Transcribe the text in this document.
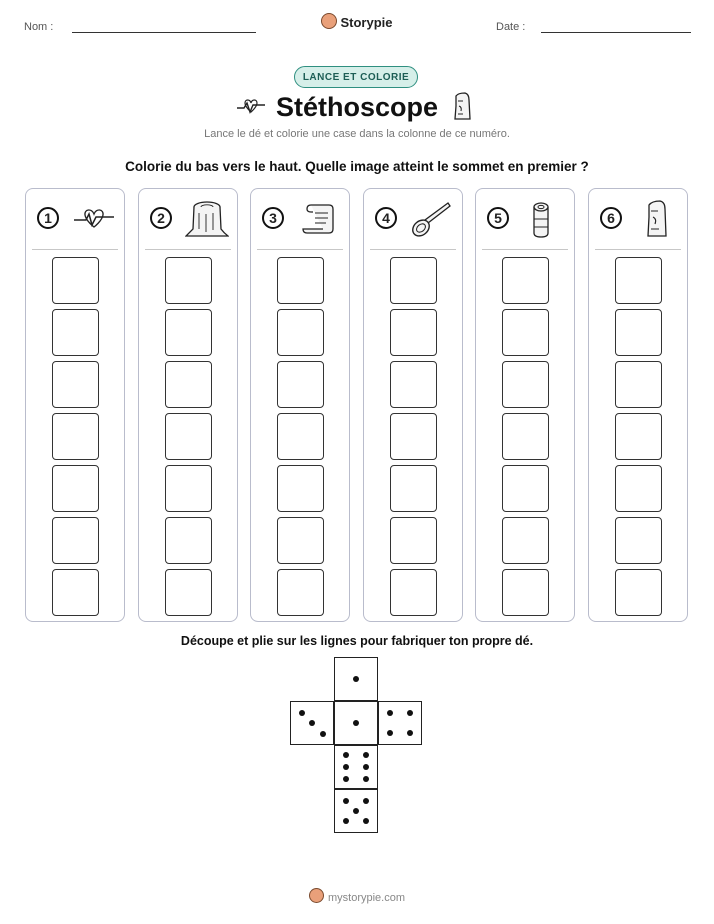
Nom :	Storypie	Date :
LANCE ET COLORIE
Stéthoscope
Lance le dé et colorie une case dans la colonne de ce numéro.
Colorie du bas vers le haut. Quelle image atteint le sommet en premier ?
1	2	3	4	5	6
Découpe et plie sur les lignes pour fabriquer ton propre dé.
mystorypie.com
